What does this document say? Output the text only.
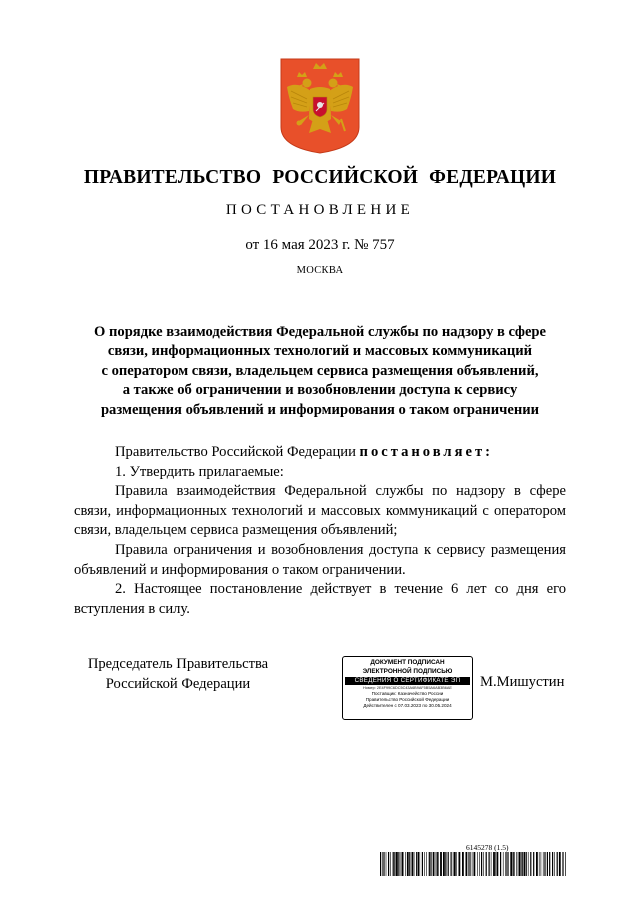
ПРАВИТЕЛЬСТВО РОССИЙСКОЙ ФЕДЕРАЦИИ
ПОСТАНОВЛЕНИЕ
от 16 мая 2023 г. № 757
МОСКВА
О порядке взаимодействия Федеральной службы по надзору в сфере
связи, информационных технологий и массовых коммуникаций
с оператором связи, владельцем сервиса размещения объявлений,
а также об ограничении и возобновлении доступа к сервису
размещения объявлений и информирования о таком ограничении

Правительство Российской Федерации постановляет:

1. Утвердить прилагаемые:

Правила взаимодействия Федеральной службы по надзору в сфере связи, информационных технологий и массовых коммуникаций с оператором связи, владельцем сервиса размещения объявлений;

Правила ограничения и возобновления доступа к сервису размещения объявлений и информирования о таком ограничении.

2. Настоящее постановление действует в течение 6 лет со дня его вступления в силу.

Председатель Правительства
Российской Федерации
ДОКУМЕНТ ПОДПИСАН
ЭЛЕКТРОННОЙ ПОДПИСЬЮ
СВЕДЕНИЯ О СЕРТИФИКАТЕ ЭП
Номер: 2E4F99C6DC5C43A6B9AF5B5A6AB3B6AE
Поставщик: Казначейство России
Правительство Российской Федерации
Действителен с 07.03.2023 по 30.05.2024
М.Мишустин
6145278 (1.5)
